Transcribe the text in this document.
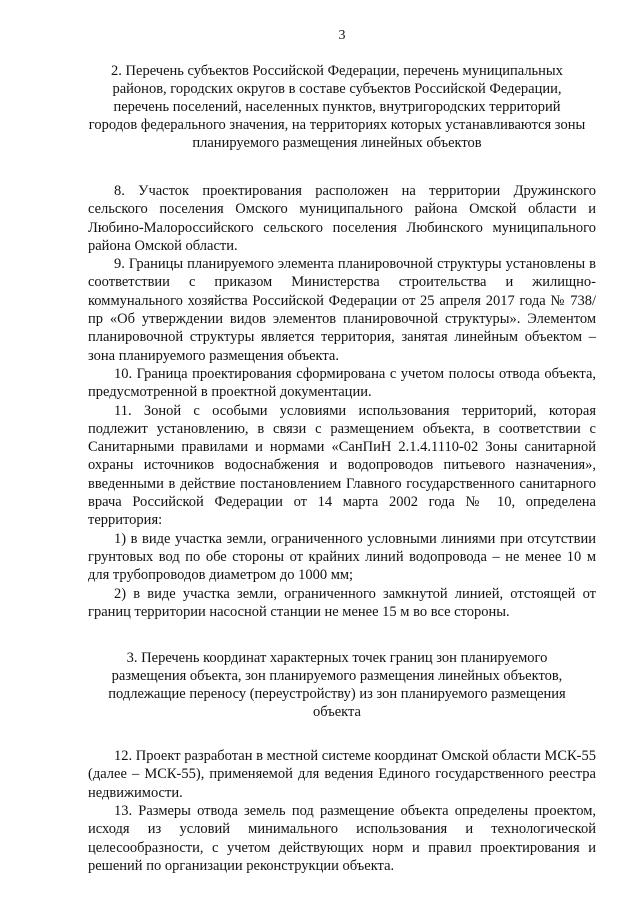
3
2. Перечень субъектов Российской Федерации, перечень муниципальных районов, городских округов в составе субъектов Российской Федерации, перечень поселений, населенных пунктов, внутригородских территорий городов федерального значения, на территориях которых устанавливаются зоны планируемого размещения линейных объектов

8. Участок проектирования расположен на территории Дружинского сельского поселения Омского муниципального района Омской области и Любино-Малороссийского сельского поселения Любинского муниципального района Омской области.

9. Границы планируемого элемента планировочной структуры установлены в соответствии с приказом Министерства строительства и жилищно-коммунального хозяйства Российской Федерации от 25 апреля 2017 года № 738/пр «Об утверждении видов элементов планировочной структуры». Элементом планировочной структуры является территория, занятая линейным объектом – зона планируемого размещения объекта.

10. Граница проектирования сформирована с учетом полосы отвода объекта, предусмотренной в проектной документации.

11. Зоной с особыми условиями использования территорий, которая подлежит установлению, в связи с размещением объекта, в соответствии с Санитарными правилами и нормами «СанПиН 2.1.4.1110-02 Зоны санитарной охраны источников водоснабжения и водопроводов питьевого назначения», введенными в действие постановлением Главного государственного санитарного врача Российской Федерации от 14 марта 2002 года № 10, определена территория:

1) в виде участка земли, ограниченного условными линиями при отсутствии грунтовых вод по обе стороны от крайних линий водопровода – не менее 10 м для трубопроводов диаметром до 1000 мм;

2) в виде участка земли, ограниченного замкнутой линией, отстоящей от границ территории насосной станции не менее 15 м во все стороны.

3. Перечень координат характерных точек границ зон планируемого размещения объекта, зон планируемого размещения линейных объектов, подлежащие переносу (переустройству) из зон планируемого размещения объекта

12. Проект разработан в местной системе координат Омской области МСК-55 (далее – МСК-55), применяемой для ведения Единого государственного реестра недвижимости.

13. Размеры отвода земель под размещение объекта определены проектом, исходя из условий минимального использования и технологической целесообразности, с учетом действующих норм и правил проектирования и решений по организации реконструкции объекта.
